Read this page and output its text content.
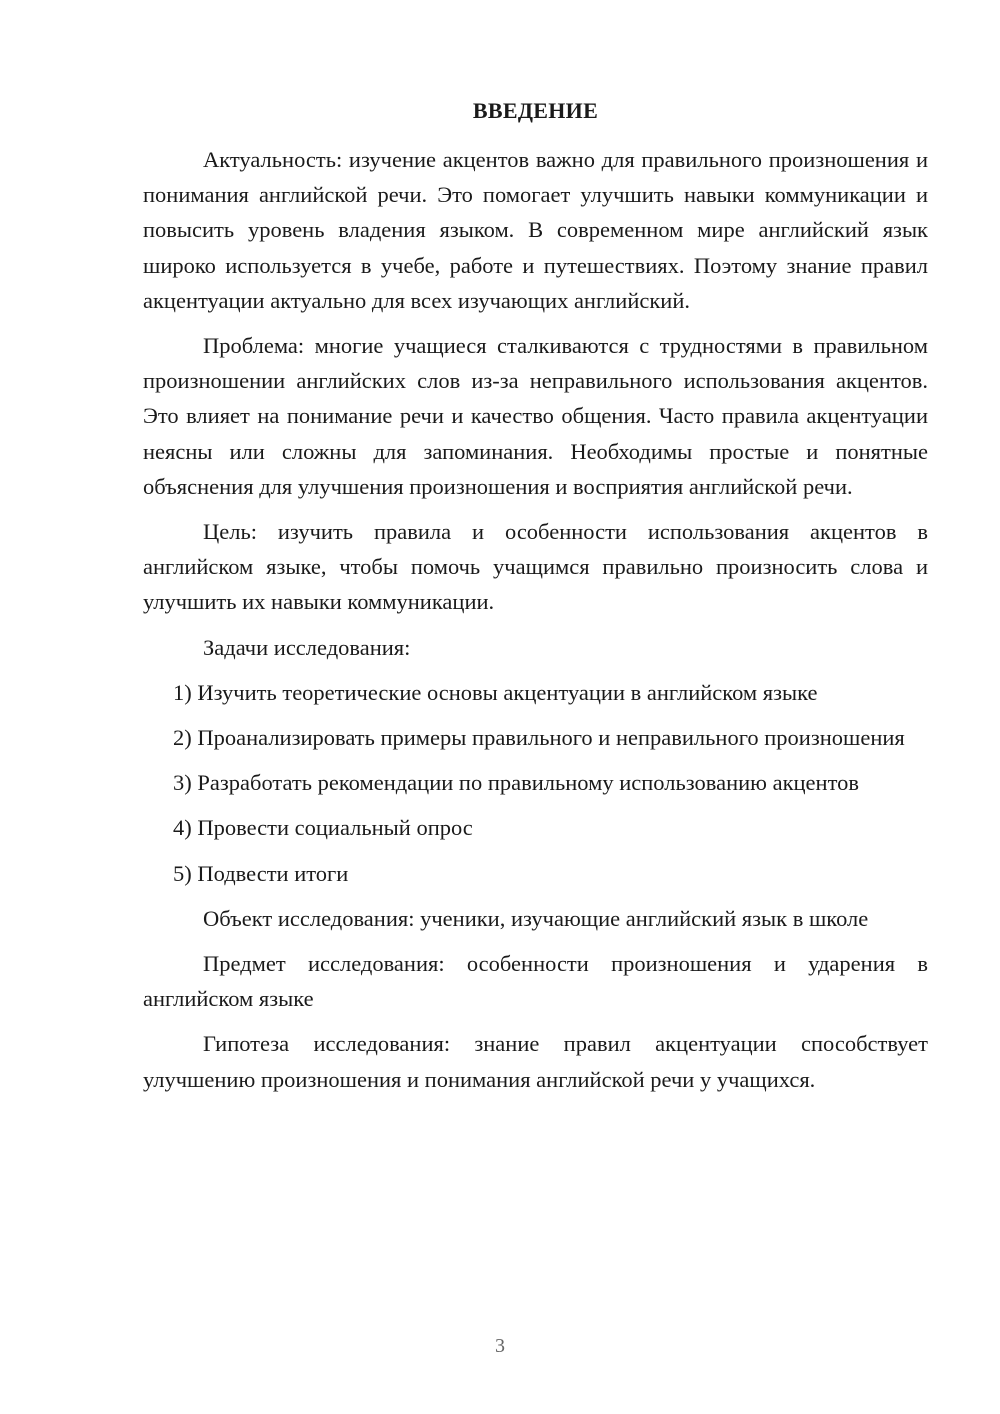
ВВЕДЕНИЕ

Актуальность: изучение акцентов важно для правильного произношения и понимания английской речи. Это помогает улучшить навыки коммуникации и повысить уровень владения языком. В современном мире английский язык широко используется в учебе, работе и путешествиях. Поэтому знание правил акцентуации актуально для всех изучающих английский.

Проблема: многие учащиеся сталкиваются с трудностями в правильном произношении английских слов из-за неправильного использования акцентов. Это влияет на понимание речи и качество общения. Часто правила акцентуации неясны или сложны для запоминания. Необходимы простые и понятные объяснения для улучшения произношения и восприятия английской речи.

Цель: изучить правила и особенности использования акцентов в английском языке, чтобы помочь учащимся правильно произносить слова и улучшить их навыки коммуникации.

Задачи исследования:

1) Изучить теоретические основы акцентуации в английском языке

2) Проанализировать примеры правильного и неправильного произношения

3) Разработать рекомендации по правильному использованию акцентов

4) Провести социальный опрос

5) Подвести итоги

Объект исследования: ученики, изучающие английский язык в школе

Предмет исследования: особенности произношения и ударения в английском языке

Гипотеза исследования: знание правил акцентуации способствует улучшению произношения и понимания английской речи у учащихся.

3
